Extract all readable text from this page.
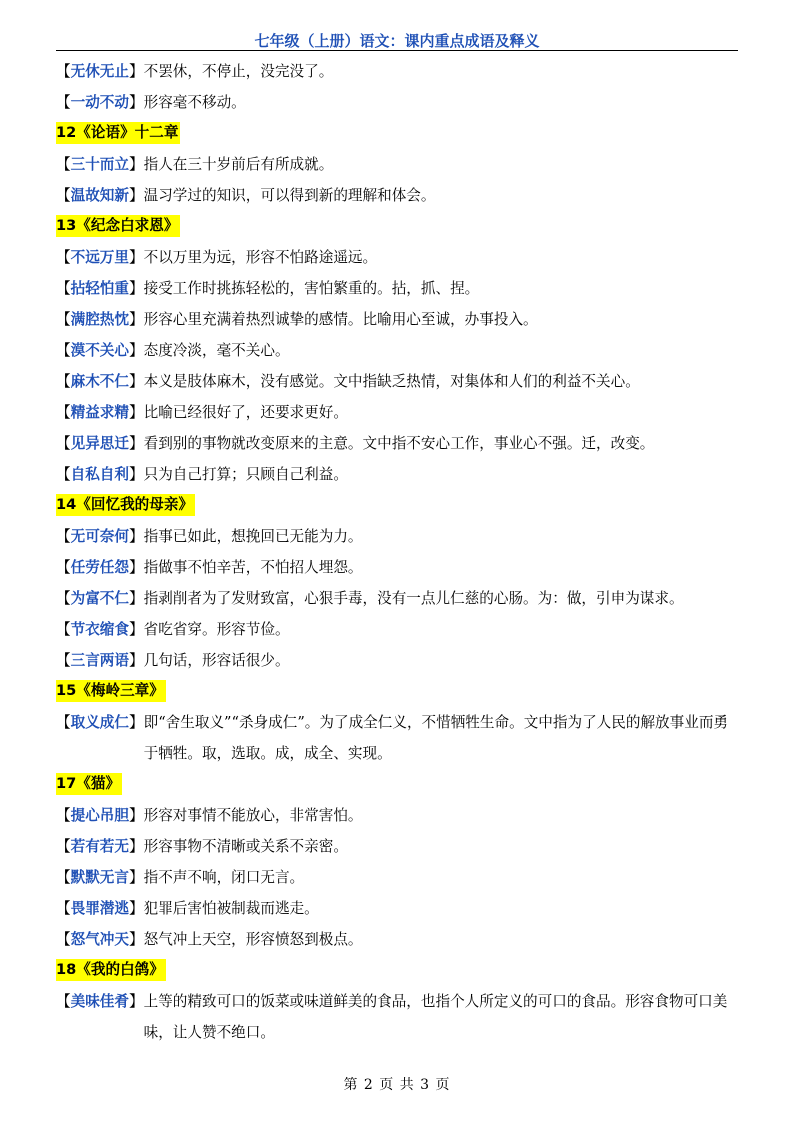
七年级（上册）语文：课内重点成语及释义
【无休无止】不罢休，不停止，没完没了。
【一动不动】形容毫不移动。
12《论语》十二章
【三十而立】指人在三十岁前后有所成就。
【温故知新】温习学过的知识，可以得到新的理解和体会。
13《纪念白求恩》
【不远万里】不以万里为远，形容不怕路途遥远。
【拈轻怕重】接受工作时挑拣轻松的，害怕繁重的。拈，抓、捏。
【满腔热忱】形容心里充满着热烈诚挚的感情。比喻用心至诚，办事投入。
【漠不关心】态度冷淡，毫不关心。
【麻木不仁】本义是肢体麻木，没有感觉。文中指缺乏热情，对集体和人们的利益不关心。
【精益求精】比喻已经很好了，还要求更好。
【见异思迁】看到别的事物就改变原来的主意。文中指不安心工作，事业心不强。迁，改变。
【自私自利】只为自己打算；只顾自己利益。
14《回忆我的母亲》
【无可奈何】指事已如此，想挽回已无能为力。
【任劳任怨】指做事不怕辛苦，不怕招人埋怨。
【为富不仁】指剥削者为了发财致富，心狠手毒，没有一点儿仁慈的心肠。为：做，引申为谋求。
【节衣缩食】省吃省穿。形容节俭。
【三言两语】几句话，形容话很少。
15《梅岭三章》
【取义成仁】 即“舍生取义”“杀身成仁”。为了成全仁义，不惜牺牲生命。文中指为了人民的解放事业而勇于牺牲。取，选取。成，成全、实现。
17《猫》
【提心吊胆】形容对事情不能放心，非常害怕。
【若有若无】形容事物不清晰或关系不亲密。
【默默无言】指不声不响，闭口无言。
【畏罪潜逃】犯罪后害怕被制裁而逃走。
【怒气冲天】怒气冲上天空，形容愤怒到极点。
18《我的白鸽》
【美味佳肴】 上等的精致可口的饭菜或味道鲜美的食品，也指个人所定义的可口的食品。形容食物可口美味，让人赞不绝口。
第 2 页 共 3 页
